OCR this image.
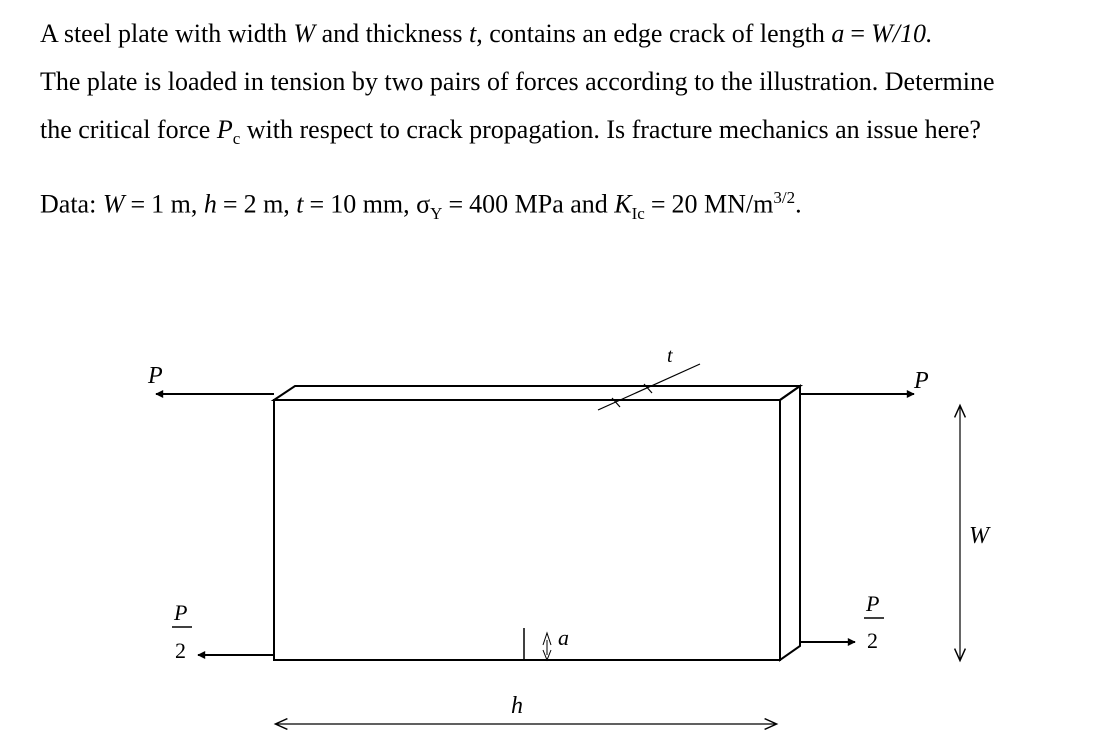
A steel plate with width W and thickness t, contains an edge crack of length a = W/10.

The plate is loaded in tension by two pairs of forces according to the illustration. Determine

the critical force $P_c$ with respect to crack propagation. Is fracture mechanics an issue here?

Data: W = 1 m, h = 2 m, t = 10 mm, $\sigma_Y = 400$ MPa and $K_{Ic} = 20$ $MN/m^{3/2}$.
P	P
t
W
h
a
P
2
P
2
